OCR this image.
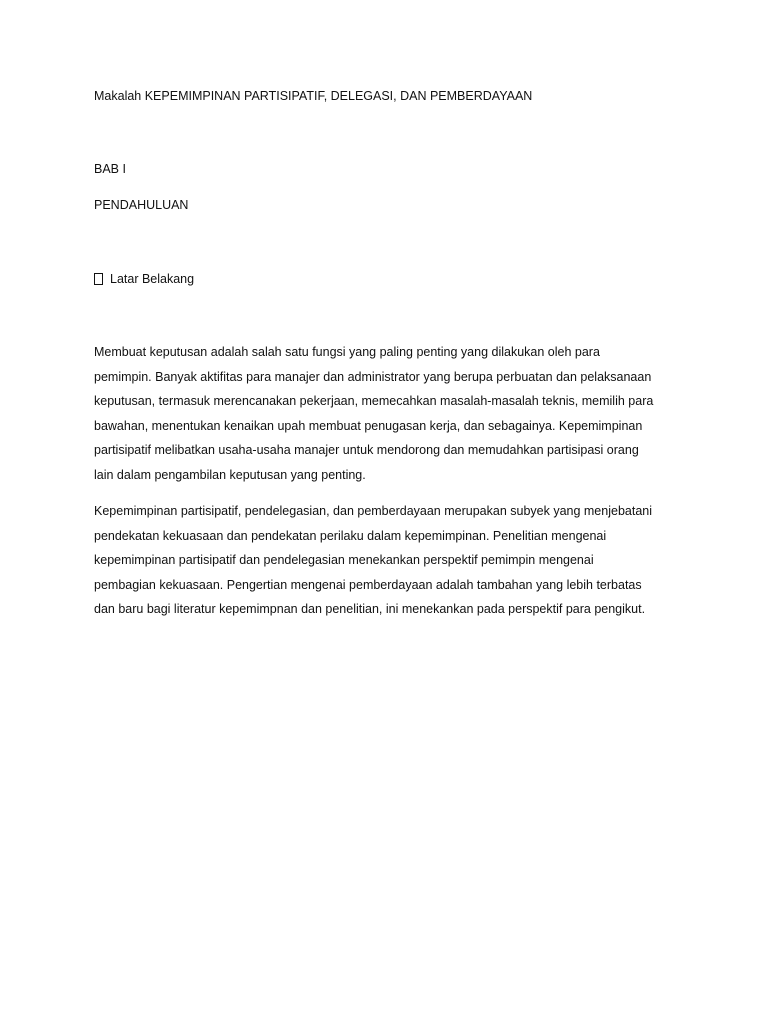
Makalah KEPEMIMPINAN PARTISIPATIF, DELEGASI, DAN PEMBERDAYAAN
BAB I
PENDAHULUAN
Latar Belakang
Membuat keputusan adalah salah satu fungsi yang paling penting yang dilakukan oleh para
pemimpin. Banyak aktifitas para manajer dan administrator yang berupa perbuatan dan pelaksanaan
keputusan, termasuk merencanakan pekerjaan, memecahkan masalah-masalah teknis, memilih para
bawahan, menentukan kenaikan upah membuat penugasan kerja, dan sebagainya. Kepemimpinan
partisipatif melibatkan usaha-usaha manajer untuk mendorong dan memudahkan partisipasi orang
lain dalam pengambilan keputusan yang penting.
Kepemimpinan partisipatif, pendelegasian, dan pemberdayaan merupakan subyek yang menjebatani
pendekatan kekuasaan dan pendekatan perilaku dalam kepemimpinan. Penelitian mengenai
kepemimpinan partisipatif dan pendelegasian menekankan perspektif pemimpin mengenai
pembagian kekuasaan. Pengertian mengenai pemberdayaan adalah tambahan yang lebih terbatas
dan baru bagi literatur kepemimpnan dan penelitian, ini menekankan pada perspektif para pengikut.
